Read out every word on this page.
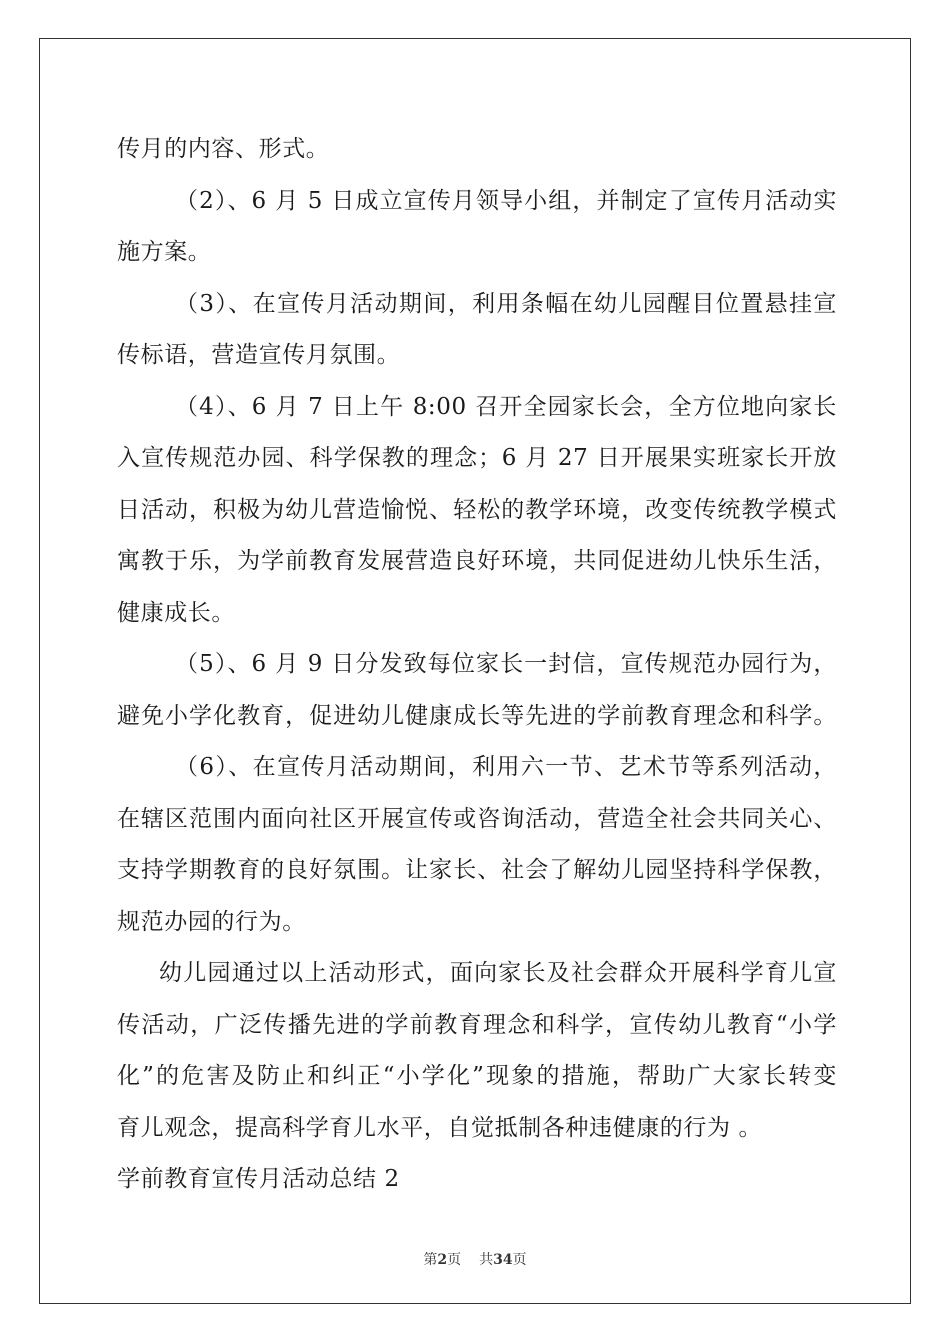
传月的内容、形式。
（2）、6 月 5 日成立宣传月领导小组，并制定了宣传月活动实
施方案。
（3）、在宣传月活动期间，利用条幅在幼儿园醒目位置悬挂宣
传标语，营造宣传月氛围。
（4）、6 月 7 日上午 8:00 召开全园家长会，全方位地向家长
入宣传规范办园、科学保教的理念；6 月 27 日开展果实班家长开放
日活动，积极为幼儿营造愉悦、轻松的教学环境，改变传统教学模式
寓教于乐，为学前教育发展营造良好环境，共同促进幼儿快乐生活，
健康成长。
（5）、6 月 9 日分发致每位家长一封信，宣传规范办园行为，
避免小学化教育，促进幼儿健康成长等先进的学前教育理念和科学。
（6）、在宣传月活动期间，利用六一节、艺术节等系列活动，
在辖区范围内面向社区开展宣传或咨询活动，营造全社会共同关心、
支持学期教育的良好氛围。让家长、社会了解幼儿园坚持科学保教，
规范办园的行为。
幼儿园通过以上活动形式，面向家长及社会群众开展科学育儿宣
传活动，广泛传播先进的学前教育理念和科学，宣传幼儿教育“小学
化”的危害及防止和纠正“小学化”现象的措施，帮助广大家长转变
育儿观念，提高科学育儿水平，自觉抵制各种违健康的行为 。
学前教育宣传月活动总结 2
第2页 共34页
